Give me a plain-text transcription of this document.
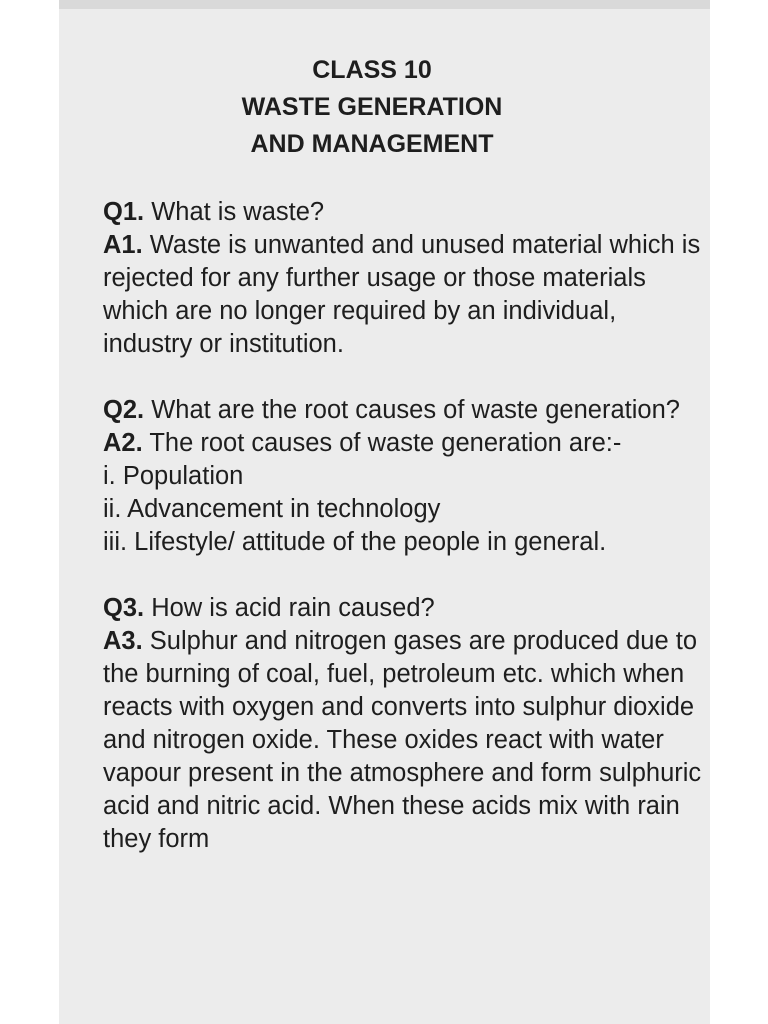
CLASS 10
WASTE GENERATION
AND MANAGEMENT

Q1. What is waste?

A1. Waste is unwanted and unused material which is rejected for any further usage or those materials which are no longer required by an individual, industry or institution.

Q2. What are the root causes of waste generation?

A2. The root causes of waste generation are:-

i. Population
ii. Advancement in technology
iii. Lifestyle/ attitude of the people in general.

Q3. How is acid rain caused?

A3. Sulphur and nitrogen gases are produced due to the burning of coal, fuel, petroleum etc. which when reacts with oxygen and converts into sulphur dioxide and nitrogen oxide. These oxides react with water vapour present in the atmosphere and form sulphuric acid and nitric acid. When these acids mix with rain they form
